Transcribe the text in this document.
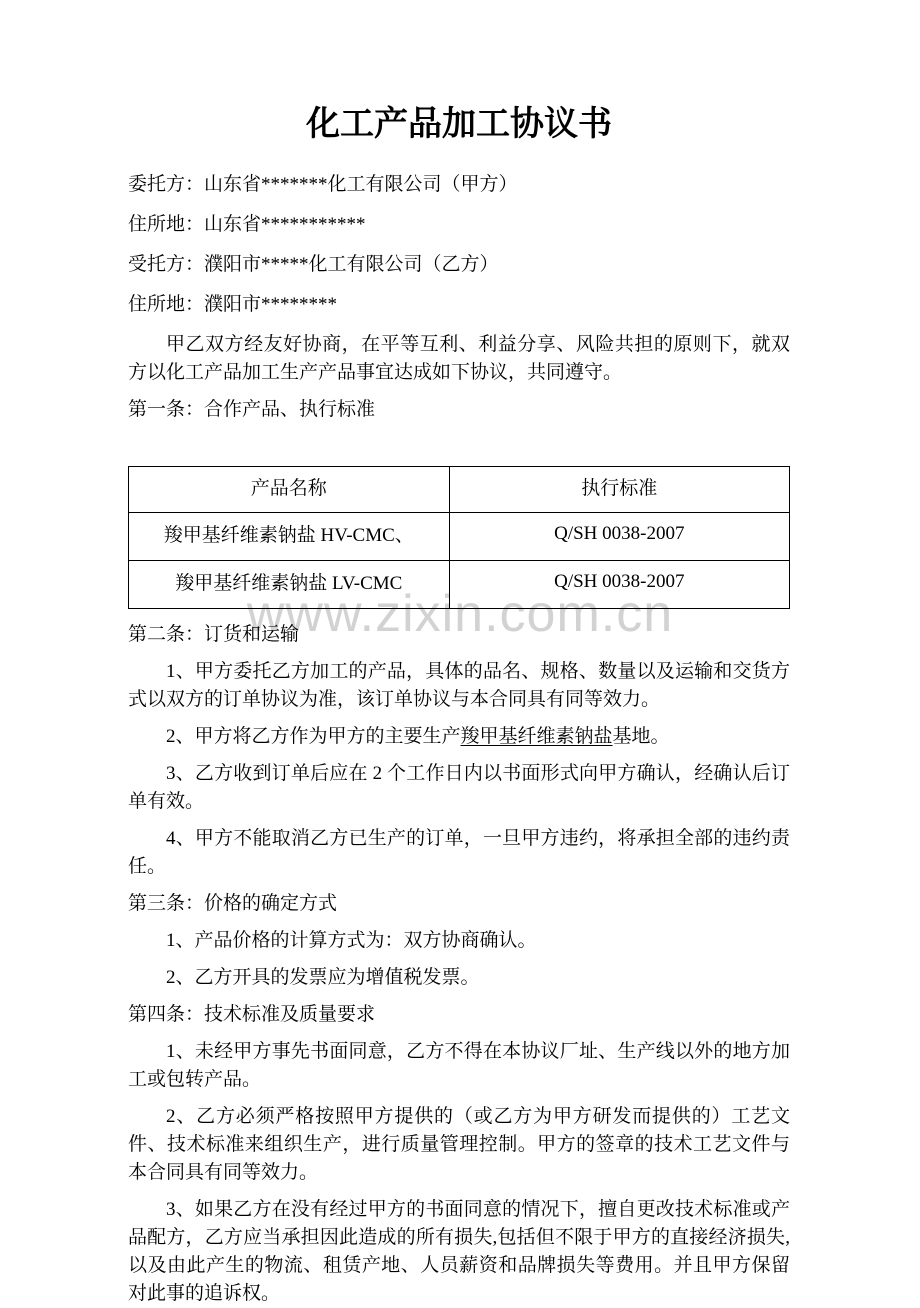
www.zixin.com.cn
化工产品加工协议书

委托方：山东省*******化工有限公司（甲方）

住所地：山东省***********

受托方：濮阳市*****化工有限公司（乙方）

住所地：濮阳市********

甲乙双方经友好协商，在平等互利、利益分享、风险共担的原则下，就双方以化工产品加工生产产品事宜达成如下协议，共同遵守。

第一条：合作产品、执行标准

产品名称	执行标准
羧甲基纤维素钠盐 HV-CMC、	Q/SH 0038-2007
羧甲基纤维素钠盐 LV-CMC	Q/SH 0038-2007

第二条：订货和运输

1、甲方委托乙方加工的产品，具体的品名、规格、数量以及运输和交货方式以双方的订单协议为准，该订单协议与本合同具有同等效力。

2、甲方将乙方作为甲方的主要生产羧甲基纤维素钠盐基地。

3、乙方收到订单后应在 2 个工作日内以书面形式向甲方确认，经确认后订单有效。

4、甲方不能取消乙方已生产的订单，一旦甲方违约，将承担全部的违约责任。

第三条：价格的确定方式

1、产品价格的计算方式为：双方协商确认。

2、乙方开具的发票应为增值税发票。

第四条：技术标准及质量要求

1、未经甲方事先书面同意，乙方不得在本协议厂址、生产线以外的地方加工或包转产品。

2、乙方必须严格按照甲方提供的（或乙方为甲方研发而提供的）工艺文件、技术标准来组织生产，进行质量管理控制。甲方的签章的技术工艺文件与本合同具有同等效力。

3、如果乙方在没有经过甲方的书面同意的情况下，擅自更改技术标准或产品配方，乙方应当承担因此造成的所有损失,包括但不限于甲方的直接经济损失,以及由此产生的物流、租赁产地、人员薪资和品牌损失等费用。并且甲方保留对此事的追诉权。
